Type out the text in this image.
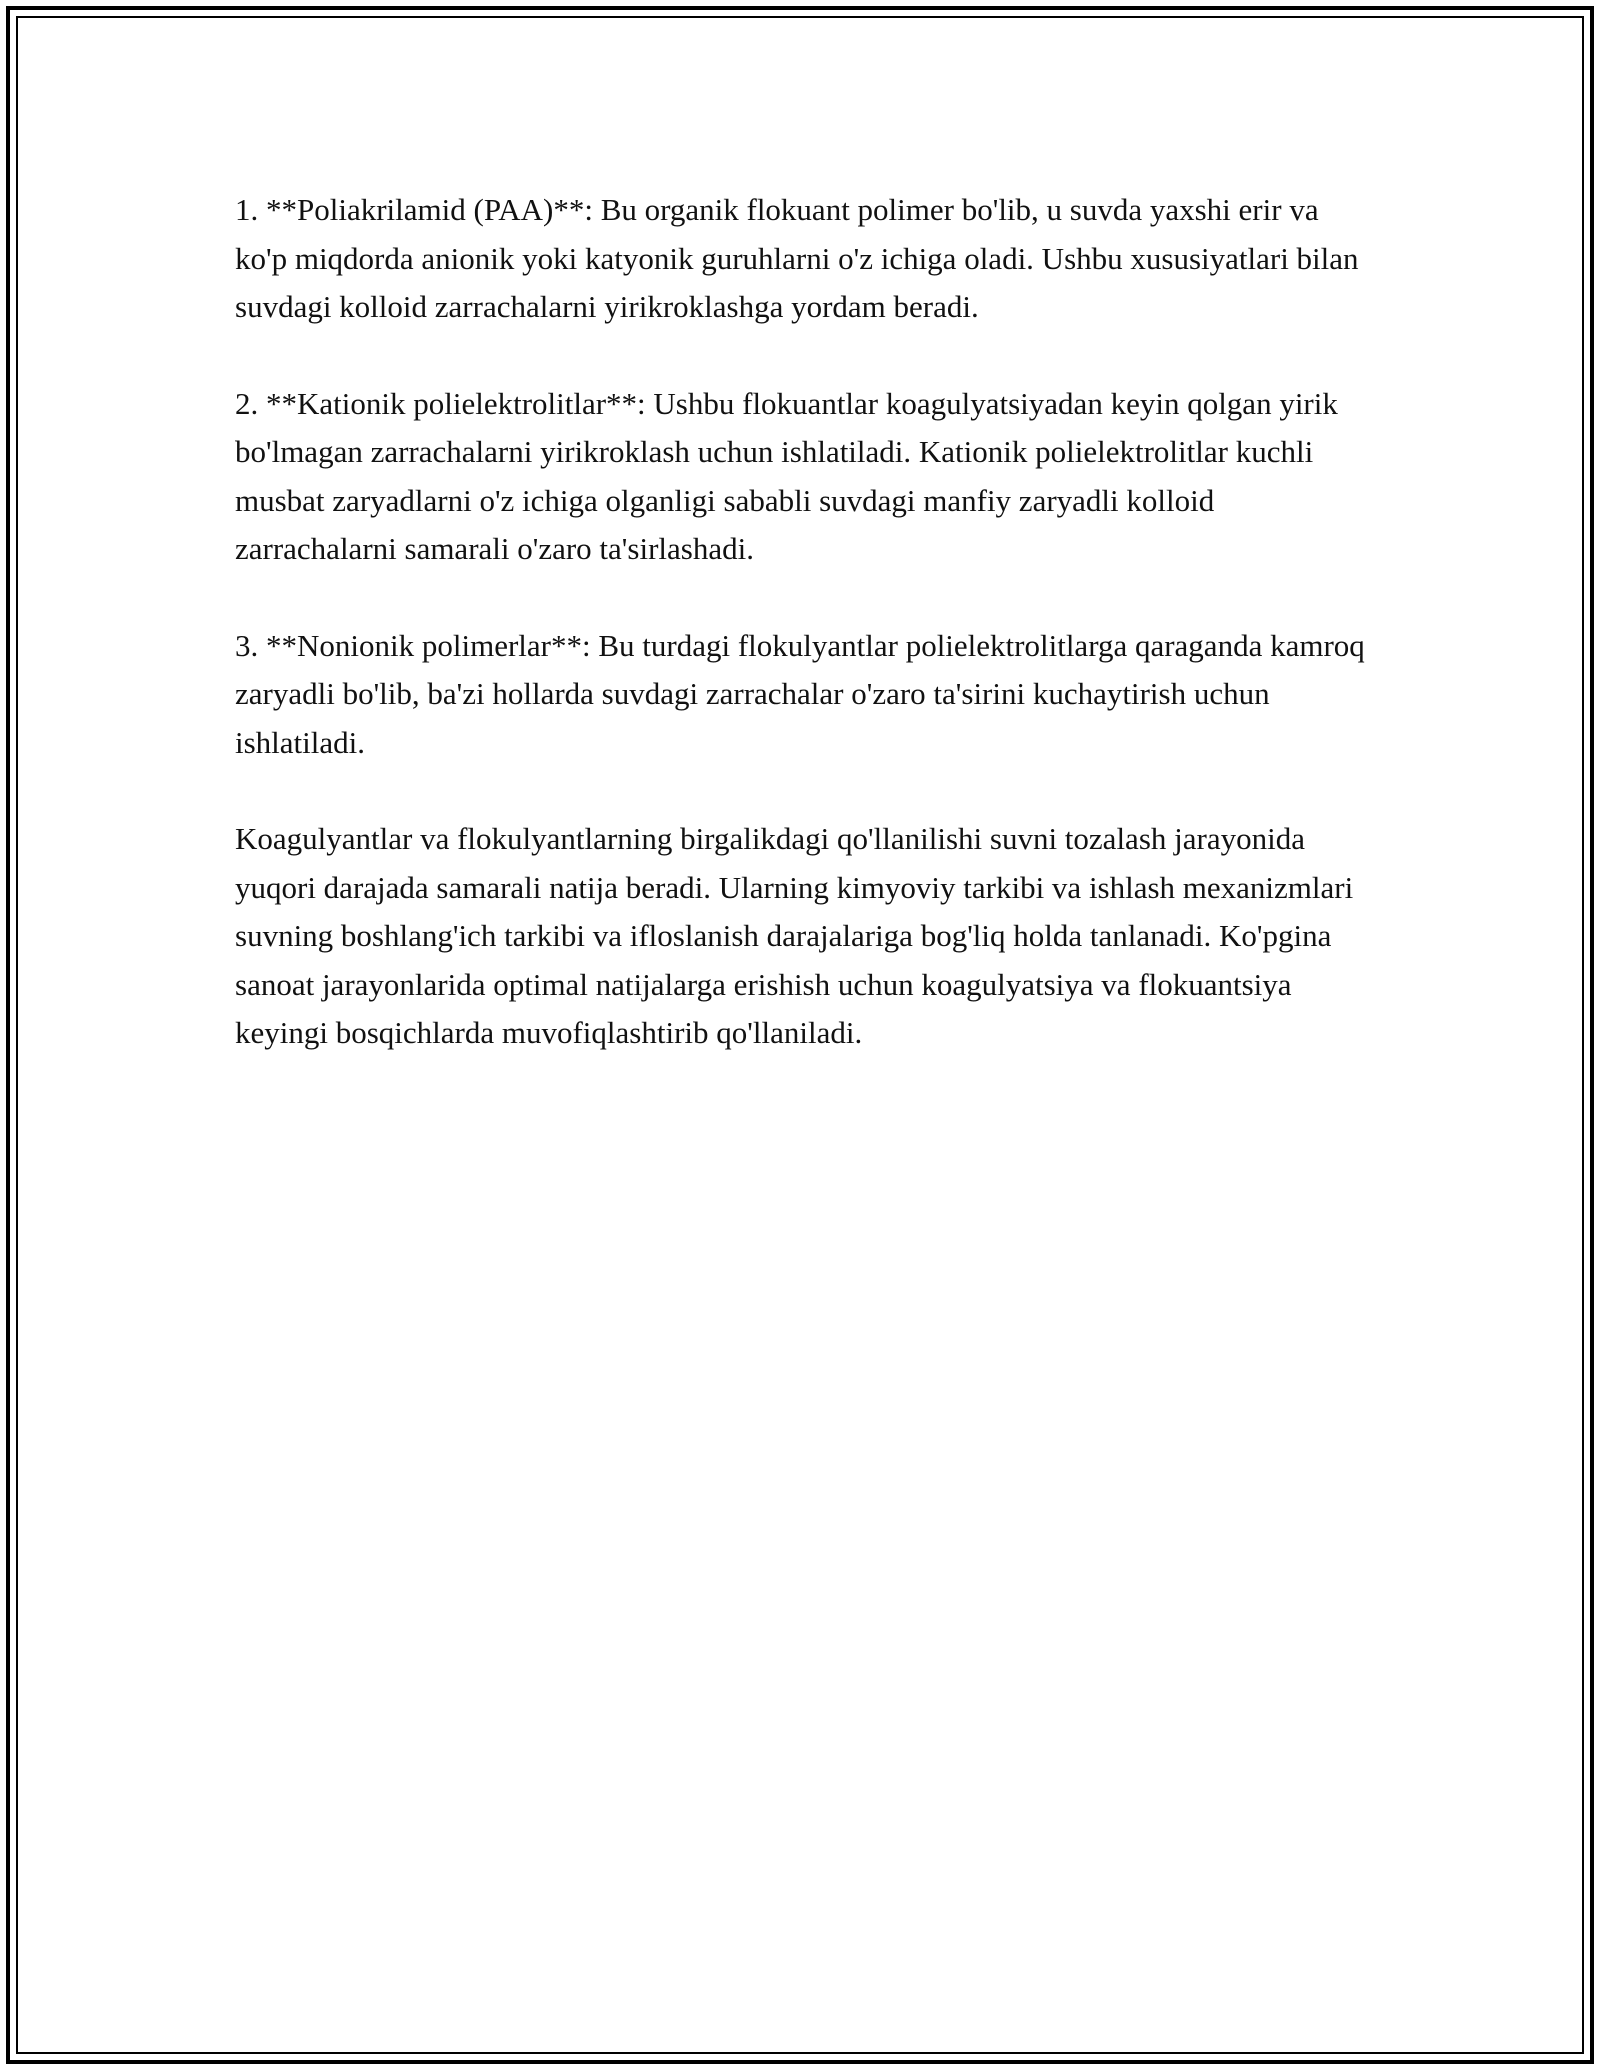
1. **Poliakrilamid (PAA)**: Bu organik flokuant polimer bo'lib, u suvda yaxshi erir va ko'p miqdorda anionik yoki katyonik guruhlarni o'z ichiga oladi. Ushbu xususiyatlari bilan suvdagi kolloid zarrachalarni yirikroklashga yordam beradi.

2. **Kationik polielektrolitlar**: Ushbu flokuantlar koagulyatsiyadan keyin qolgan yirik bo'lmagan zarrachalarni yirikroklash uchun ishlatiladi. Kationik polielektrolitlar kuchli musbat zaryadlarni o'z ichiga olganligi sababli suvdagi manfiy zaryadli kolloid zarrachalarni samarali o'zaro ta'sirlashadi.

3. **Nonionik polimerlar**: Bu turdagi flokulyantlar polielektrolitlarga qaraganda kamroq zaryadli bo'lib, ba'zi hollarda suvdagi zarrachalar o'zaro ta'sirini kuchaytirish uchun ishlatiladi.

Koagulyantlar va flokulyantlarning birgalikdagi qo'llanilishi suvni tozalash jarayonida yuqori darajada samarali natija beradi. Ularning kimyoviy tarkibi va ishlash mexanizmlari suvning boshlang'ich tarkibi va ifloslanish darajalariga bog'liq holda tanlanadi. Ko'pgina sanoat jarayonlarida optimal natijalarga erishish uchun koagulyatsiya va flokuantsiya keyingi bosqichlarda muvofiqlashtirib qo'llaniladi.
